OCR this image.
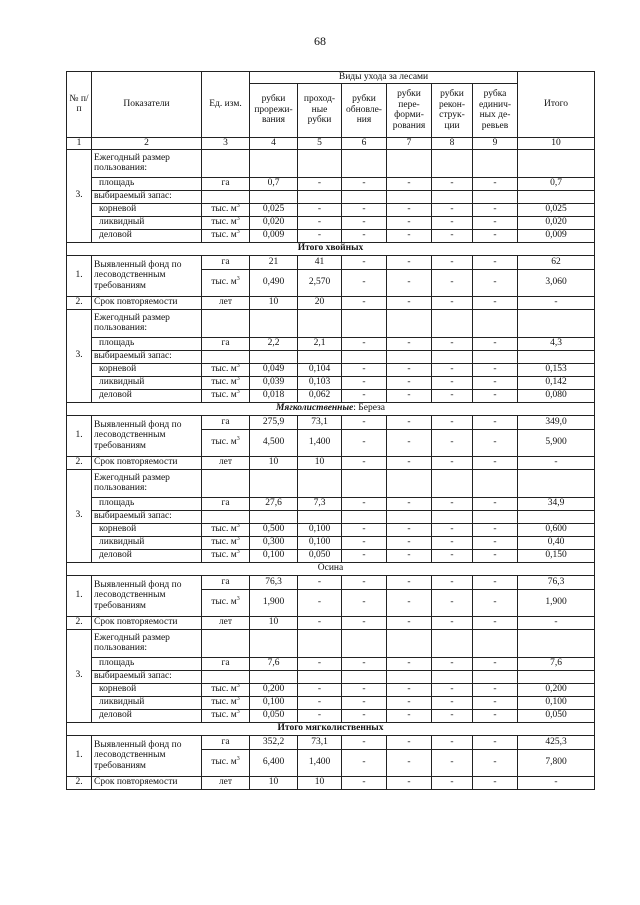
68
№ п/п	Показатели	Ед. изм.	Виды ухода за лесами						Итого
			рубки прорежи-вания	проход-ные рубки	рубки обновле-ния	рубки пере-форми-рования	рубки рекон-струк-ции	рубка единич-ных де-ревьев	
1	2	3	4	5	6	7	8	9	10
3.	Ежегодный размер пользования:								
	площадь	га	0,7	-	-	-	-	-	0,7
	выбираемый запас:								
	корневой	тыс. $м^3$	0,025	-	-	-	-	-	0,025
	ликвидный	тыс. $м^3$	0,020	-	-	-	-	-	0,020
	деловой	тыс. $м^3$	0,009	-	-	-	-	-	0,009
Итого хвойных									
1.	Выявленный фонд по лесоводственным требованиям	га	21	41	-	-	-	-	62
		тыс. $м^3$	0,490	2,570	-	-	-	-	3,060
2.	Срок повторяемости	лет	10	20	-	-	-	-	-
3.	Ежегодный размер пользования:								
	площадь	га	2,2	2,1	-	-	-	-	4,3
	выбираемый запас:								
	корневой	тыс. $м^3$	0,049	0,104	-	-	-	-	0,153
	ликвидный	тыс. $м^3$	0,039	0,103	-	-	-	-	0,142
	деловой	тыс. $м^3$	0,018	0,062	-	-	-	-	0,080
Мягколиственные: Береза									
1.	Выявленный фонд по лесоводственным требованиям	га	275,9	73,1	-	-	-	-	349,0
		тыс. $м^3$	4,500	1,400	-	-	-	-	5,900
2.	Срок повторяемости	лет	10	10	-	-	-	-	-
3.	Ежегодный размер пользования:								
	площадь	га	27,6	7,3	-	-	-	-	34,9
	выбираемый запас:								
	корневой	тыс. $м^3$	0,500	0,100	-	-	-	-	0,600
	ликвидный	тыс. $м^3$	0,300	0,100	-	-	-	-	0,40
	деловой	тыс. $м^3$	0,100	0,050	-	-	-	-	0,150
Осина									
1.	Выявленный фонд по лесоводственным требованиям	га	76,3	-	-	-	-	-	76,3
		тыс. $м^3$	1,900	-	-	-	-	-	1,900
2.	Срок повторяемости	лет	10	-	-	-	-	-	-
3.	Ежегодный размер пользования:								
	площадь	га	7,6	-	-	-	-	-	7,6
	выбираемый запас:								
	корневой	тыс. $м^3$	0,200	-	-	-	-	-	0,200
	ликвидный	тыс. $м^3$	0,100	-	-	-	-	-	0,100
	деловой	тыс. $м^3$	0,050	-	-	-	-	-	0,050
Итого мягколиственных									
1.	Выявленный фонд по лесоводственным требованиям	га	352,2	73,1	-	-	-	-	425,3
		тыс. $м^3$	6,400	1,400	-	-	-	-	7,800
2.	Срок повторяемости	лет	10	10	-	-	-	-	-
